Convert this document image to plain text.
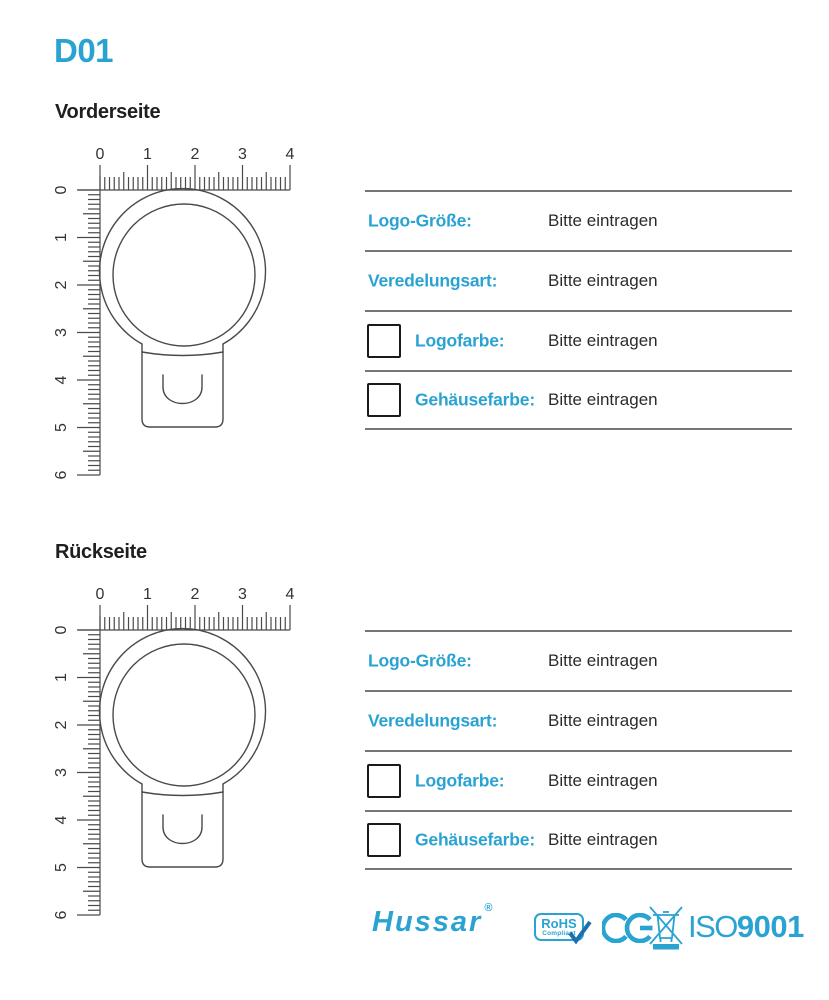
D01
Vorderseite
0 1 2 3 4
0
1
2
3
4
5
6
Logo-Größe:	Bitte eintragen
Veredelungsart:	Bitte eintragen
Logofarbe:	Bitte eintragen
Gehäusefarbe: Bitte eintragen
Rückseite
0 1 2 3 4
0
1
2
3
4
5
6
Logo-Größe:	Bitte eintragen
Veredelungsart:	Bitte eintragen
Logofarbe:	Bitte eintragen
Gehäusefarbe: Bitte eintragen
Hussar ®
RoHS
Compliant	ISO9001
